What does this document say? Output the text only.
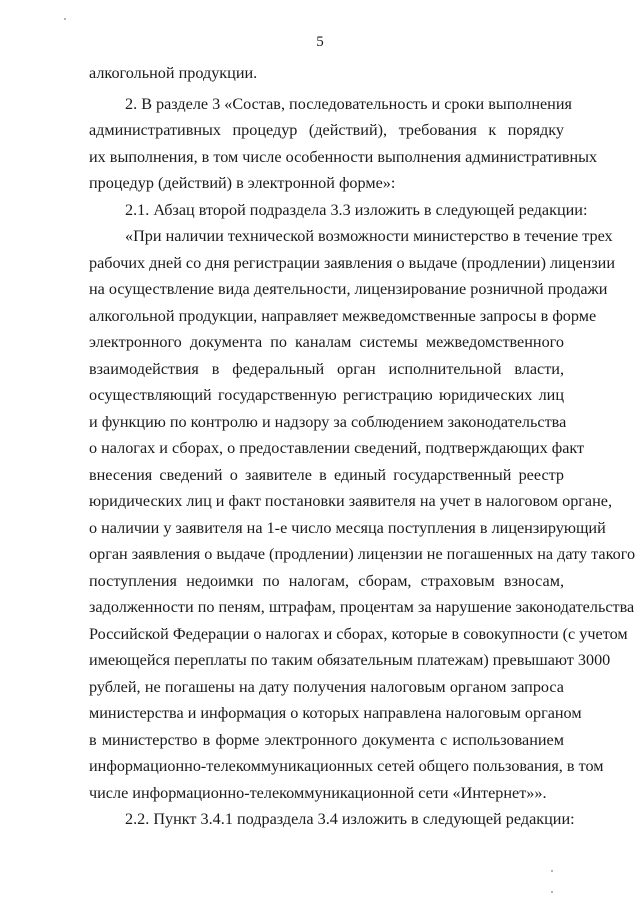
5
алкогольной продукции.
2. В разделе 3 «Состав, последовательность и сроки выполнения
административных процедур (действий), требования к порядку
их выполнения, в том числе особенности выполнения административных
процедур (действий) в электронной форме»:
2.1. Абзац второй подраздела 3.3 изложить в следующей редакции:
«При наличии технической возможности министерство в течение трех
рабочих дней со дня регистрации заявления о выдаче (продлении) лицензии
на осуществление вида деятельности, лицензирование розничной продажи
алкогольной продукции, направляет межведомственные запросы в форме
электронного документа по каналам системы межведомственного
взаимодействия в федеральный орган исполнительной власти,
осуществляющий государственную регистрацию юридических лиц
и функцию по контролю и надзору за соблюдением законодательства
о налогах и сборах, о предоставлении сведений, подтверждающих факт
внесения сведений о заявителе в единый государственный реестр
юридических лиц и факт постановки заявителя на учет в налоговом органе,
о наличии у заявителя на 1-е число месяца поступления в лицензирующий
орган заявления о выдаче (продлении) лицензии не погашенных на дату такого
поступления недоимки по налогам, сборам, страховым взносам,
задолженности по пеням, штрафам, процентам за нарушение законодательства
Российской Федерации о налогах и сборах, которые в совокупности (с учетом
имеющейся переплаты по таким обязательным платежам) превышают 3000
рублей, не погашены на дату получения налоговым органом запроса
министерства и информация о которых направлена налоговым органом
в министерство в форме электронного документа с использованием
информационно-телекоммуникационных сетей общего пользования, в том
числе информационно-телекоммуникационной сети «Интернет»».
2.2. Пункт 3.4.1 подраздела 3.4 изложить в следующей редакции:
